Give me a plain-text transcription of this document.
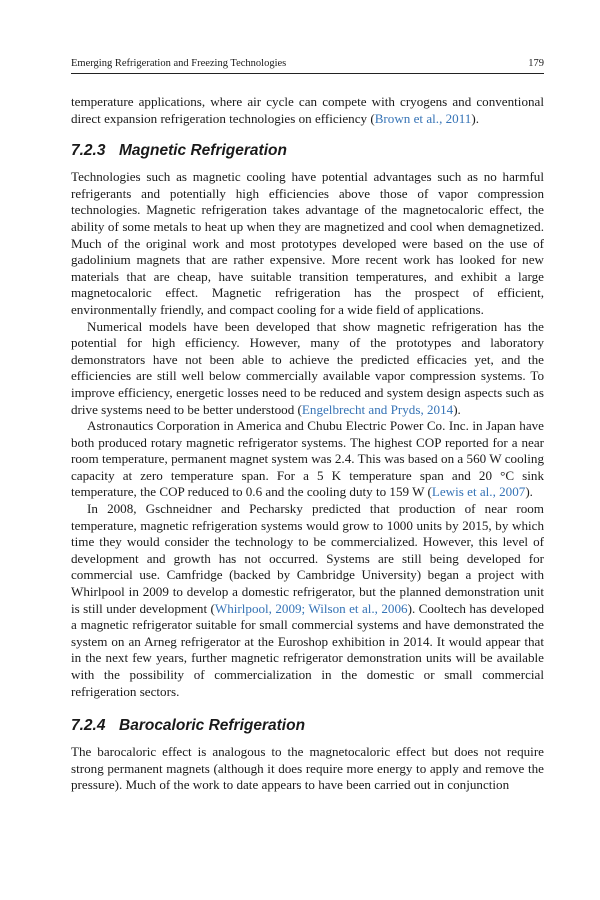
Emerging Refrigeration and Freezing Technologies	179

temperature applications, where air cycle can compete with cryogens and conventional direct expansion refrigeration technologies on efficiency (Brown et al., 2011).

7.2.3 Magnetic Refrigeration

Technologies such as magnetic cooling have potential advantages such as no harmful refrigerants and potentially high efficiencies above those of vapor compression technologies. Magnetic refrigeration takes advantage of the magnetocaloric effect, the ability of some metals to heat up when they are magnetized and cool when demagnetized. Much of the original work and most prototypes developed were based on the use of gadolinium magnets that are rather expensive. More recent work has looked for new materials that are cheap, have suitable transition temperatures, and exhibit a large magnetocaloric effect. Magnetic refrigeration has the prospect of efficient, environmentally friendly, and compact cooling for a wide field of applications.

Numerical models have been developed that show magnetic refrigeration has the potential for high efficiency. However, many of the prototypes and laboratory demonstrators have not been able to achieve the predicted efficacies yet, and the efficiencies are still well below commercially available vapor compression systems. To improve efficiency, energetic losses need to be reduced and system design aspects such as drive systems need to be better understood (Engelbrecht and Pryds, 2014).

Astronautics Corporation in America and Chubu Electric Power Co. Inc. in Japan have both produced rotary magnetic refrigerator systems. The highest COP reported for a near room temperature, permanent magnet system was 2.4. This was based on a 560 W cooling capacity at zero temperature span. For a 5 K temperature span and 20 °C sink temperature, the COP reduced to 0.6 and the cooling duty to 159 W (Lewis et al., 2007).

In 2008, Gschneidner and Pecharsky predicted that production of near room temperature, magnetic refrigeration systems would grow to 1000 units by 2015, by which time they would consider the technology to be commercialized. However, this level of development and growth has not occurred. Systems are still being developed for commercial use. Camfridge (backed by Cambridge University) began a project with Whirlpool in 2009 to develop a domestic refrigerator, but the planned demonstration unit is still under development (Whirlpool, 2009; Wilson et al., 2006). Cooltech has developed a magnetic refrigerator suitable for small commercial systems and have demonstrated the system on an Arneg refrigerator at the Euroshop exhibition in 2014. It would appear that in the next few years, further magnetic refrigerator demonstration units will be available with the possibility of commercialization in the domestic or small commercial refrigeration sectors.

7.2.4 Barocaloric Refrigeration

The barocaloric effect is analogous to the magnetocaloric effect but does not require strong permanent magnets (although it does require more energy to apply and remove the pressure). Much of the work to date appears to have been carried out in conjunction
